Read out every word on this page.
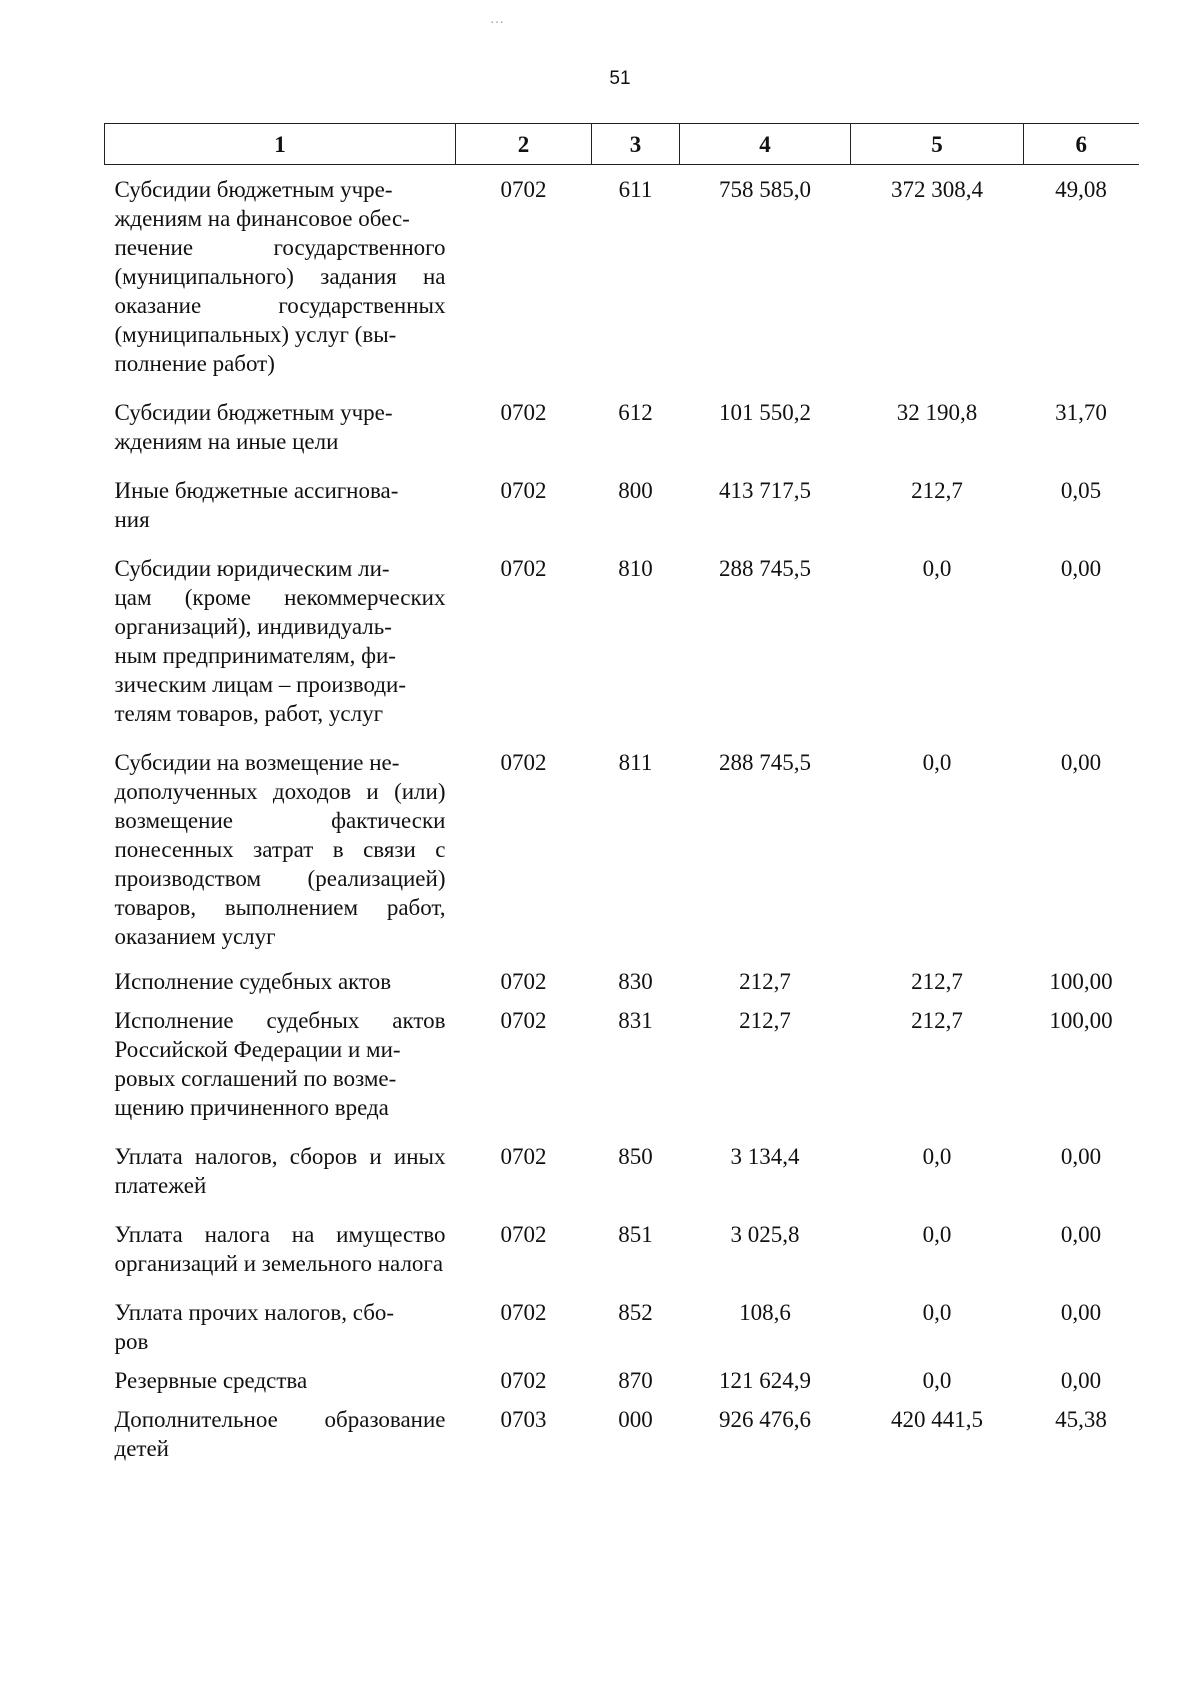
…
51
1	2	3	4	5	6
Субсидии бюджетным учре-
ждениям на финансовое обес-
печение государственного (муниципального) задания на оказание государственных (муниципальных) услуг (вы-
полнение работ)	0702	611	758 585,0	372 308,4	49,08
Субсидии бюджетным учре-
ждениям на иные цели	0702	612	101 550,2	32 190,8	31,70
Иные бюджетные ассигнова-
ния	0702	800	413 717,5	212,7	0,05
Субсидии юридическим ли-
цам (кроме некоммерческих организаций), индивидуаль-
ным предпринимателям, фи-
зическим лицам – производи-
телям товаров, работ, услуг	0702	810	288 745,5	0,0	0,00
Субсидии на возмещение не-
дополученных доходов и (или) возмещение фактически понесенных затрат в связи с производством (реализацией) товаров, выполнением работ, оказанием услуг	0702	811	288 745,5	0,0	0,00
Исполнение судебных актов	0702	830	212,7	212,7	100,00
Исполнение судебных актов Российской Федерации и ми-
ровых соглашений по возме-
щению причиненного вреда	0702	831	212,7	212,7	100,00
Уплата налогов, сборов и иных платежей	0702	850	3 134,4	0,0	0,00
Уплата налога на имущество организаций и земельного налога	0702	851	3 025,8	0,0	0,00
Уплата прочих налогов, сбо-
ров	0702	852	108,6	0,0	0,00
Резервные средства	0702	870	121 624,9	0,0	0,00
Дополнительное образование детей	0703	000	926 476,6	420 441,5	45,38
